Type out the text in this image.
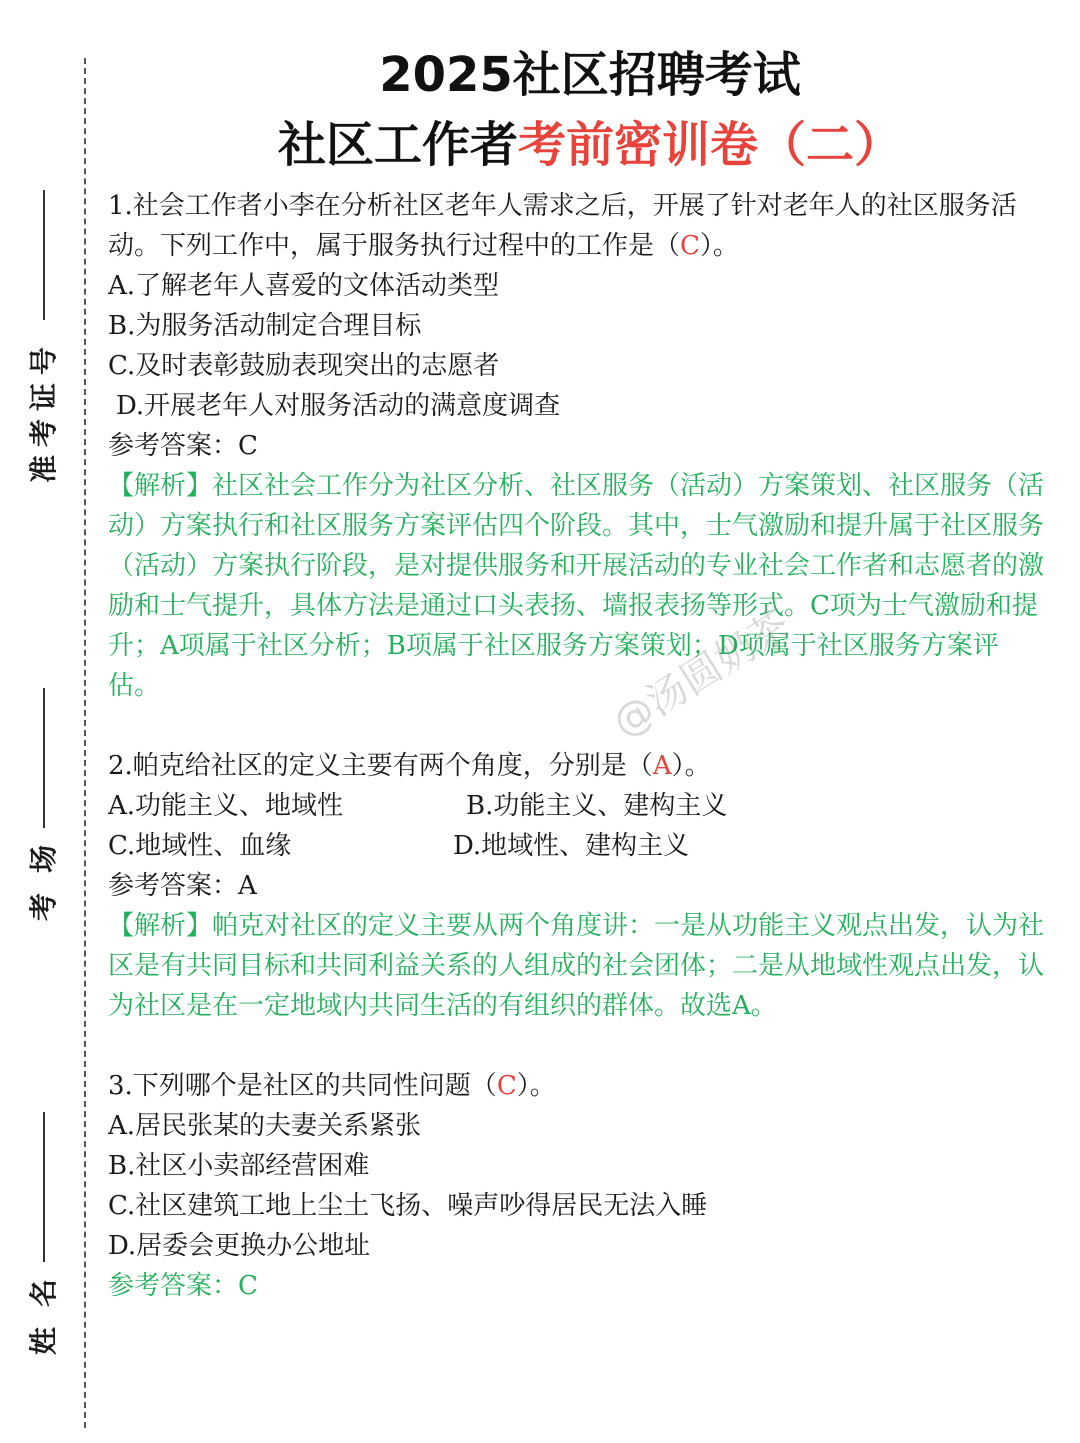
号
证
考
准
场
考
名
姓
2025社区招聘考试
社区工作者考前密训卷（二）

1.社会工作者小李在分析社区老年人需求之后，开展了针对老年人的社区服务活动。下列工作中，属于服务执行过程中的工作是（C）。

A.了解老年人喜爱的文体活动类型

B.为服务活动制定合理目标

C.及时表彰鼓励表现突出的志愿者

D.开展老年人对服务活动的满意度调查

参考答案：C

【解析】社区社会工作分为社区分析、社区服务（活动）方案策划、社区服务（活动）方案执行和社区服务方案评估四个阶段。其中，士气激励和提升属于社区服务（活动）方案执行阶段，是对提供服务和开展活动的专业社会工作者和志愿者的激励和士气提升，具体方法是通过口头表扬、墙报表扬等形式。C项为士气激励和提升；A项属于社区分析；B项属于社区服务方案策划；D项属于社区服务方案评估。

2.帕克给社区的定义主要有两个角度，分别是（A）。

A.功能主义、地域性	B.功能主义、建构主义
C.地域性、血缘	D.地域性、建构主义

参考答案：A

【解析】帕克对社区的定义主要从两个角度讲：一是从功能主义观点出发，认为社区是有共同目标和共同利益关系的人组成的社会团体；二是从地域性观点出发，认为社区是在一定地域内共同生活的有组织的群体。故选A。

3.下列哪个是社区的共同性问题（C）。

A.居民张某的夫妻关系紧张

B.社区小卖部经营困难

C.社区建筑工地上尘土飞扬、噪声吵得居民无法入睡

D.居委会更换办公地址

参考答案：C

@汤圆奶茶
